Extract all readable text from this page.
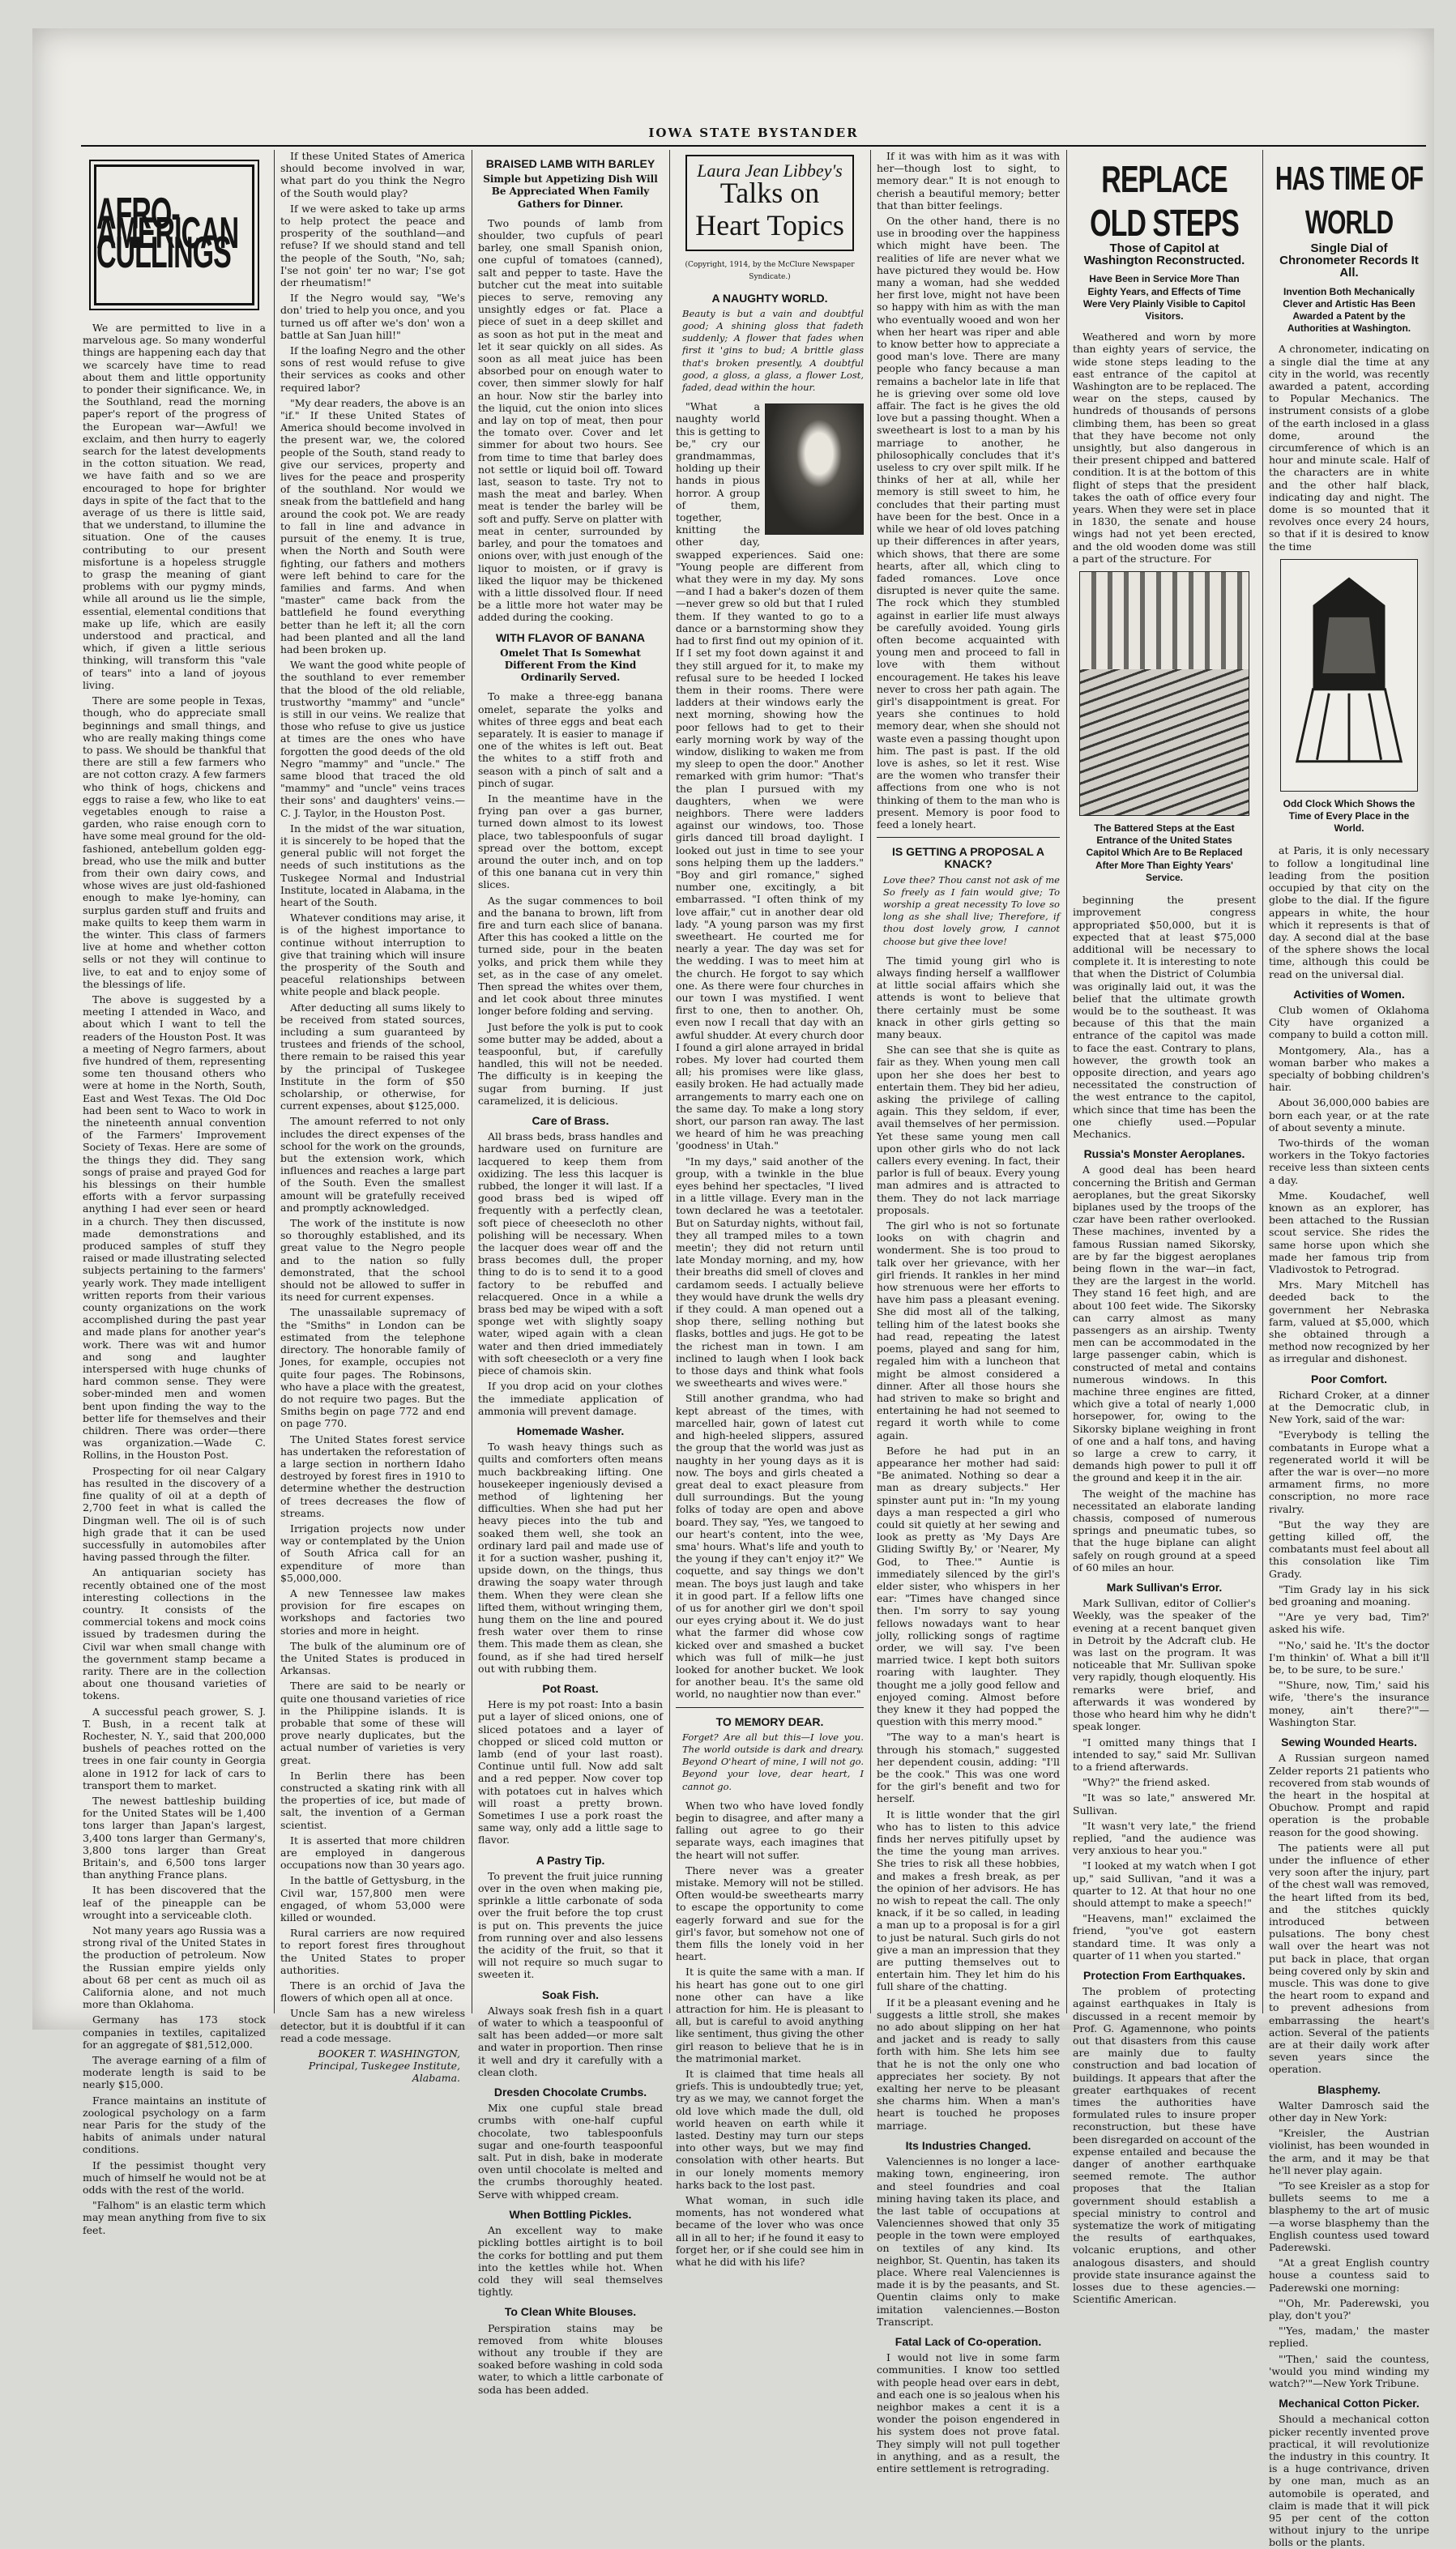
IOWA STATE BYSTANDER
AFRO-AMERICAN CULLINGS

We are permitted to live in a marvelous age. So many wonderful things are happening each day that we scarcely have time to read about them and little opportunity to ponder their significance. We, in the Southland, read the morning paper's report of the progress of the European war—Awful! we exclaim, and then hurry to eagerly search for the latest developments in the cotton situation. We read, we have faith and so we are encouraged to hope for brighter days in spite of the fact that to the average of us there is little said, that we understand, to illumine the situation. One of the causes contributing to our present misfortune is a hopeless struggle to grasp the meaning of giant problems with our pygmy minds, while all around us lie the simple, essential, elemental conditions that make up life, which are easily understood and practical, and which, if given a little serious thinking, will transform this "vale of tears" into a land of joyous living.

There are some people in Texas, though, who do appreciate small beginnings and small things, and who are really making things come to pass. We should be thankful that there are still a few farmers who are not cotton crazy. A few farmers who think of hogs, chickens and eggs to raise a few, who like to eat vegetables enough to raise a garden, who raise enough corn to have some meal ground for the old-fashioned, antebellum golden egg-bread, who use the milk and butter from their own dairy cows, and whose wives are just old-fashioned enough to make lye-hominy, can surplus garden stuff and fruits and make quilts to keep them warm in the winter. This class of farmers live at home and whether cotton sells or not they will continue to live, to eat and to enjoy some of the blessings of life.

The above is suggested by a meeting I attended in Waco, and about which I want to tell the readers of the Houston Post. It was a meeting of Negro farmers, about five hundred of them, representing some ten thousand others who were at home in the North, South, East and West Texas. The Old Doc had been sent to Waco to work in the nineteenth annual convention of the Farmers' Improvement Society of Texas. Here are some of the things they did. They sang songs of praise and prayed God for his blessings on their humble efforts with a fervor surpassing anything I had ever seen or heard in a church. They then discussed, made demonstrations and produced samples of stuff they raised or made illustrating selected subjects pertaining to the farmers' yearly work. They made intelligent written reports from their various county organizations on the work accomplished during the past year and made plans for another year's work. There was wit and humor and song and laughter interspersed with huge chunks of hard common sense. They were sober-minded men and women bent upon finding the way to the better life for themselves and their children. There was order—there was organization.—Wade C. Rollins, in the Houston Post.

Prospecting for oil near Calgary has resulted in the discovery of a fine quality of oil at a depth of 2,700 feet in what is called the Dingman well. The oil is of such high grade that it can be used successfully in automobiles after having passed through the filter.

An antiquarian society has recently obtained one of the most interesting collections in the country. It consists of the commercial tokens and mock coins issued by tradesmen during the Civil war when small change with the government stamp became a rarity. There are in the collection about one thousand varieties of tokens.

A successful peach grower, S. J. T. Bush, in a recent talk at Rochester, N. Y., said that 200,000 bushels of peaches rotted on the trees in one fair county in Georgia alone in 1912 for lack of cars to transport them to market.

The newest battleship building for the United States will be 1,400 tons larger than Japan's largest, 3,400 tons larger than Germany's, 3,800 tons larger than Great Britain's, and 6,500 tons larger than anything France plans.

It has been discovered that the leaf of the pineapple can be wrought into a serviceable cloth.

Not many years ago Russia was a strong rival of the United States in the production of petroleum. Now the Russian empire yields only about 68 per cent as much oil as California alone, and not much more than Oklahoma.

Germany has 173 stock companies in textiles, capitalized for an aggregate of $81,512,000.

The average earning of a film of moderate length is said to be nearly $15,000.

France maintains an institute of zoological psychology on a farm near Paris for the study of the habits of animals under natural conditions.

If the pessimist thought very much of himself he would not be at odds with the rest of the world.

"Falhom" is an elastic term which may mean anything from five to six feet.

If these United States of America should become involved in war, what part do you think the Negro of the South would play?

If we were asked to take up arms to help protect the peace and prosperity of the southland—and refuse? If we should stand and tell the people of the South, "No, sah; I'se not goin' ter no war; I'se got der rheumatism!"

If the Negro would say, "We's don' tried to help you once, and you turned us off after we's don' won a battle at San Juan hill!"

If the loafing Negro and the other sons of rest would refuse to give their services as cooks and other required labor?

"My dear readers, the above is an "if." If these United States of America should become involved in the present war, we, the colored people of the South, stand ready to give our services, property and lives for the peace and prosperity of the southland. Nor would we sneak from the battlefield and hang around the cook pot. We are ready to fall in line and advance in pursuit of the enemy. It is true, when the North and South were fighting, our fathers and mothers were left behind to care for the families and farms. And when "master" came back from the battlefield he found everything better than he left it; all the corn had been planted and all the land had been broken up.

We want the good white people of the southland to ever remember that the blood of the old reliable, trustworthy "mammy" and "uncle" is still in our veins. We realize that those who refuse to give us justice at times are the ones who have forgotten the good deeds of the old Negro "mammy" and "uncle." The same blood that traced the old "mammy" and "uncle" veins traces their sons' and daughters' veins.—C. J. Taylor, in the Houston Post.

In the midst of the war situation, it is sincerely to be hoped that the general public will not forget the needs of such institutions as the Tuskegee Normal and Industrial Institute, located in Alabama, in the heart of the South.

Whatever conditions may arise, it is of the highest importance to continue without interruption to give that training which will insure the prosperity of the South and peaceful relationships between white people and black people.

After deducting all sums likely to be received from stated sources, including a sum guaranteed by trustees and friends of the school, there remain to be raised this year by the principal of Tuskegee Institute in the form of $50 scholarship, or otherwise, for current expenses, about $125,000.

The amount referred to not only includes the direct expenses of the school for the work on the grounds, but the extension work, which influences and reaches a large part of the South. Even the smallest amount will be gratefully received and promptly acknowledged.

The work of the institute is now so thoroughly established, and its great value to the Negro people and to the nation so fully demonstrated, that the school should not be allowed to suffer in its need for current expenses.

The unassailable supremacy of the "Smiths" in London can be estimated from the telephone directory. The honorable family of Jones, for example, occupies not quite four pages. The Robinsons, who have a place with the greatest, do not require two pages. But the Smiths begin on page 772 and end on page 770.

The United States forest service has undertaken the reforestation of a large section in northern Idaho destroyed by forest fires in 1910 to determine whether the destruction of trees decreases the flow of streams.

Irrigation projects now under way or contemplated by the Union of South Africa call for an expenditure of more than $5,000,000.

A new Tennessee law makes provision for fire escapes on workshops and factories two stories and more in height.

The bulk of the aluminum ore of the United States is produced in Arkansas.

There are said to be nearly or quite one thousand varieties of rice in the Philippine islands. It is probable that some of these will prove nearly duplicates, but the actual number of varieties is very great.

In Berlin there has been constructed a skating rink with all the properties of ice, but made of salt, the invention of a German scientist.

It is asserted that more children are employed in dangerous occupations now than 30 years ago.

In the battle of Gettysburg, in the Civil war, 157,800 men were engaged, of whom 53,000 were killed or wounded.

Rural carriers are now required to report forest fires throughout the United States to proper authorities.

There is an orchid of Java the flowers of which open all at once.

Uncle Sam has a new wireless detector, but it is doubtful if it can read a code message.

BOOKER T. WASHINGTON, Principal, Tuskegee Institute, Alabama.
BRAISED LAMB WITH BARLEY
Simple but Appetizing Dish Will Be Appreciated When Family Gathers for Dinner.

Two pounds of lamb from shoulder, two cupfuls of pearl barley, one small Spanish onion, one cupful of tomatoes (canned), salt and pepper to taste. Have the butcher cut the meat into suitable pieces to serve, removing any unsightly edges or fat. Place a piece of suet in a deep skillet and as soon as hot put in the meat and let it sear quickly on all sides. As soon as all meat juice has been absorbed pour on enough water to cover, then simmer slowly for half an hour. Now stir the barley into the liquid, cut the onion into slices and lay on top of meat, then pour the tomato over. Cover and let simmer for about two hours. See from time to time that barley does not settle or liquid boil off. Toward last, season to taste. Try not to mash the meat and barley. When meat is tender the barley will be soft and puffy. Serve on platter with meat in center, surrounded by barley, and pour the tomatoes and onions over, with just enough of the liquor to moisten, or if gravy is liked the liquor may be thickened with a little dissolved flour. If need be a little more hot water may be added during the cooking.

WITH FLAVOR OF BANANA
Omelet That Is Somewhat Different From the Kind Ordinarily Served.

To make a three-egg banana omelet, separate the yolks and whites of three eggs and beat each separately. It is easier to manage if one of the whites is left out. Beat the whites to a stiff froth and season with a pinch of salt and a pinch of sugar.

In the meantime have in the frying pan over a gas burner, turned down almost to its lowest place, two tablespoonfuls of sugar spread over the bottom, except around the outer inch, and on top of this one banana cut in very thin slices.

As the sugar commences to boil and the banana to brown, lift from fire and turn each slice of banana. After this has cooked a little on the turned side, pour in the beaten yolks, and prick them while they set, as in the case of any omelet. Then spread the whites over them, and let cook about three minutes longer before folding and serving.

Just before the yolk is put to cook some butter may be added, about a teaspoonful, but, if carefully handled, this will not be needed. The difficulty is in keeping the sugar from burning. If just caramelized, it is delicious.

Care of Brass.

All brass beds, brass handles and hardware used on furniture are lacquered to keep them from oxidizing. The less this lacquer is rubbed, the longer it will last. If a good brass bed is wiped off frequently with a perfectly clean, soft piece of cheesecloth no other polishing will be necessary. When the lacquer does wear off and the brass becomes dull, the proper thing to do is to send it to a good factory to be rebuffed and relacquered. Once in a while a brass bed may be wiped with a soft sponge wet with slightly soapy water, wiped again with a clean water and then dried immediately with soft cheesecloth or a very fine piece of chamois skin.

If you drop acid on your clothes the immediate application of ammonia will prevent damage.

Homemade Washer.

To wash heavy things such as quilts and comforters often means much backbreaking lifting. One housekeeper ingeniously devised a method of lightening her difficulties. When she had put her heavy pieces into the tub and soaked them well, she took an ordinary lard pail and made use of it for a suction washer, pushing it, upside down, on the things, thus drawing the soapy water through them. When they were clean she lifted them, without wringing them, hung them on the line and poured fresh water over them to rinse them. This made them as clean, she found, as if she had tired herself out with rubbing them.

Pot Roast.

Here is my pot roast: Into a basin put a layer of sliced onions, one of sliced potatoes and a layer of chopped or sliced cold mutton or lamb (end of your last roast). Continue until full. Now add salt and a red pepper. Now cover top with potatoes cut in halves which will roast a pretty brown. Sometimes I use a pork roast the same way, only add a little sage to flavor.

A Pastry Tip.

To prevent the fruit juice running over in the oven when making pie, sprinkle a little carbonate of soda over the fruit before the top crust is put on. This prevents the juice from running over and also lessens the acidity of the fruit, so that it will not require so much sugar to sweeten it.

Soak Fish.

Always soak fresh fish in a quart of water to which a teaspoonful of salt has been added—or more salt and water in proportion. Then rinse it well and dry it carefully with a clean cloth.

Dresden Chocolate Crumbs.

Mix one cupful stale bread crumbs with one-half cupful chocolate, two tablespoonfuls sugar and one-fourth teaspoonful salt. Put in dish, bake in moderate oven until chocolate is melted and the crumbs thoroughly heated. Serve with whipped cream.

When Bottling Pickles.

An excellent way to make pickling bottles airtight is to boil the corks for bottling and put them into the kettles while hot. When cold they will seal themselves tightly.

To Clean White Blouses.

Perspiration stains may be removed from white blouses without any trouble if they are soaked before washing in cold soda water, to which a little carbonate of soda has been added.

Laura Jean Libbey's
Talks on
Heart Topics
(Copyright, 1914, by the McClure Newspaper Syndicate.)
A NAUGHTY WORLD.

Beauty is but a vain and doubtful good; A shining gloss that fadeth suddenly; A flower that fades when first it 'gins to bud; A brittle glass that's broken presently, A doubtful good, a gloss, a glass, a flower Lost, faded, dead within the hour.

"What a naughty world this is getting to be," cry our grandmammas, holding up their hands in pious horror. A group of them, together, knitting the other day, swapped experiences. Said one: "Young people are different from what they were in my day. My sons—and I had a baker's dozen of them—never grew so old but that I ruled them. If they wanted to go to a dance or a barnstorming show they had to first find out my opinion of it. If I set my foot down against it and they still argued for it, to make my refusal sure to be heeded I locked them in their rooms. There were ladders at their windows early the next morning, showing how the poor fellows had to get to their early morning work by way of the window, disliking to waken me from my sleep to open the door." Another remarked with grim humor: "That's the plan I pursued with my daughters, when we were neighbors. There were ladders against our windows, too. Those girls danced till broad daylight. I looked out just in time to see your sons helping them up the ladders." "Boy and girl romance," sighed number one, excitingly, a bit embarrassed. "I often think of my love affair," cut in another dear old lady. "A young parson was my first sweetheart. He courted me for nearly a year. The day was set for the wedding. I was to meet him at the church. He forgot to say which one. As there were four churches in our town I was mystified. I went first to one, then to another. Oh, even now I recall that day with an awful shudder. At every church door I found a girl alone arrayed in bridal robes. My lover had courted them all; his promises were like glass, easily broken. He had actually made arrangements to marry each one on the same day. To make a long story short, our parson ran away. The last we heard of him he was preaching 'goodness' in Utah."

"In my days," said another of the group, with a twinkle in the blue eyes behind her spectacles, "I lived in a little village. Every man in the town declared he was a teetotaler. But on Saturday nights, without fail, they all tramped miles to a town meetin'; they did not return until late Monday morning, and my, how their breaths did smell of cloves and cardamom seeds. I actually believe they would have drunk the wells dry if they could. A man opened out a shop there, selling nothing but flasks, bottles and jugs. He got to be the richest man in town. I am inclined to laugh when I look back to those days and think what fools we sweethearts and wives were."

Still another grandma, who had kept abreast of the times, with marcelled hair, gown of latest cut and high-heeled slippers, assured the group that the world was just as naughty in her young days as it is now. The boys and girls cheated a great deal to exact pleasure from dull surroundings. But the young folks of today are open and above board. They say, "Yes, we tangoed to our heart's content, into the wee, sma' hours. What's life and youth to the young if they can't enjoy it?" We coquette, and say things we don't mean. The boys just laugh and take it in good part. If a fellow lifts one of us for another girl we don't spoil our eyes crying about it. We do just what the farmer did whose cow kicked over and smashed a bucket which was full of milk—he just looked for another bucket. We look for another beau. It's the same old world, no naughtier now than ever."

TO MEMORY DEAR.

Forget? Are all but this—I love you. The world outside is dark and dreary. Beyond O'heart of mine, I will not go. Beyond your love, dear heart, I cannot go.

When two who have loved fondly begin to disagree, and after many a falling out agree to go their separate ways, each imagines that the heart will not suffer.

There never was a greater mistake. Memory will not be stilled. Often would-be sweethearts marry to escape the opportunity to come eagerly forward and sue for the girl's favor, but somehow not one of them fills the lonely void in her heart.

It is quite the same with a man. If his heart has gone out to one girl none other can have a like attraction for him. He is pleasant to all, but is careful to avoid anything like sentiment, thus giving the other girl reason to believe that he is in the matrimonial market.

It is claimed that time heals all griefs. This is undoubtedly true; yet, try as we may, we cannot forget the old love which made the dull, old world heaven on earth while it lasted. Destiny may turn our steps into other ways, but we may find consolation with other hearts. But in our lonely moments memory harks back to the lost past.

What woman, in such idle moments, has not wondered what became of the lover who was once all in all to her; if he found it easy to forget her, or if she could see him in what he did with his life?

If it was with him as it was with her—though lost to sight, to memory dear." It is not enough to cherish a beautiful memory; better that than bitter feelings.

On the other hand, there is no use in brooding over the happiness which might have been. The realities of life are never what we have pictured they would be. How many a woman, had she wedded her first love, might not have been so happy with him as with the man who eventually wooed and won her when her heart was riper and able to know better how to appreciate a good man's love. There are many people who fancy because a man remains a bachelor late in life that he is grieving over some old love affair. The fact is he gives the old love but a passing thought. When a sweetheart is lost to a man by his marriage to another, he philosophically concludes that it's useless to cry over spilt milk. If he thinks of her at all, while her memory is still sweet to him, he concludes that their parting must have been for the best. Once in a while we hear of old loves patching up their differences in after years, which shows, that there are some hearts, after all, which cling to faded romances. Love once disrupted is never quite the same. The rock which they stumbled against in earlier life must always be carefully avoided. Young girls often become acquainted with young men and proceed to fall in love with them without encouragement. He takes his leave never to cross her path again. The girl's disappointment is great. For years she continues to hold memory dear, when she should not waste even a passing thought upon him. The past is past. If the old love is ashes, so let it rest. Wise are the women who transfer their affections from one who is not thinking of them to the man who is present. Memory is poor food to feed a lonely heart.

IS GETTING A PROPOSAL A KNACK?

Love thee? Thou canst not ask of me So freely as I fain would give; To worship a great necessity To love so long as she shall live; Therefore, if thou dost lovely grow, I cannot choose but give thee love!

The timid young girl who is always finding herself a wallflower at little social affairs which she attends is wont to believe that there certainly must be some knack in other girls getting so many beaux.

She can see that she is quite as fair as they. When young men call upon her she does her best to entertain them. They bid her adieu, asking the privilege of calling again. This they seldom, if ever, avail themselves of her permission. Yet these same young men call upon other girls who do not lack callers every evening. In fact, their parlor is full of beaux. Every young man admires and is attracted to them. They do not lack marriage proposals.

The girl who is not so fortunate looks on with chagrin and wonderment. She is too proud to talk over her grievance, with her girl friends. It rankles in her mind how strenuous were her efforts to have him pass a pleasant evening. She did most all of the talking, telling him of the latest books she had read, repeating the latest poems, played and sang for him, regaled him with a luncheon that might be almost considered a dinner. After all those hours she had striven to make so bright and entertaining he had not seemed to regard it worth while to come again.

Before he had put in an appearance her mother had said: "Be animated. Nothing so dear a man as dreary subjects." Her spinster aunt put in: "In my young days a man respected a girl who could sit quietly at her sewing and look as pretty as 'My Days Are Gliding Swiftly By,' or 'Nearer, My God, to Thee.'" Auntie is immediately silenced by the girl's elder sister, who whispers in her ear: "Times have changed since then. I'm sorry to say young fellows nowadays want to hear jolly, rollicking songs of ragtime order, we will say. I've been married twice. I kept both suitors roaring with laughter. They thought me a jolly good fellow and enjoyed coming. Almost before they knew it they had popped the question with this merry mood."

"The way to a man's heart is through his stomach," suggested her dependent cousin, adding: "I'll be the cook." This was one word for the girl's benefit and two for herself.

It is little wonder that the girl who has to listen to this advice finds her nerves pitifully upset by the time the young man arrives. She tries to risk all these hobbies, and makes a fresh break, as per the opinion of her advisors. He has no wish to repeat the call. The only knack, if it be so called, in leading a man up to a proposal is for a girl to just be natural. Such girls do not give a man an impression that they are putting themselves out to entertain him. They let him do his full share of the chatting.

If it be a pleasant evening and he suggests a little stroll, she makes no ado about slipping on her hat and jacket and is ready to sally forth with him. She lets him see that he is not the only one who appreciates her society. By not exalting her nerve to be pleasant she charms him. When a man's heart is touched he proposes marriage.

Its Industries Changed.

Valenciennes is no longer a lace-making town, engineering, iron and steel foundries and coal mining having taken its place, and the last table of occupations at Valenciennes showed that only 35 people in the town were employed on textiles of any kind. Its neighbor, St. Quentin, has taken its place. Where real Valenciennes is made it is by the peasants, and St. Quentin claims only to make imitation valenciennes.—Boston Transcript.

Fatal Lack of Co-operation.

I would not live in some farm communities. I know too settled with people head over ears in debt, and each one is so jealous when his neighbor makes a cent it is a wonder the poison engendered in his system does not prove fatal. They simply will not pull together in anything, and as a result, the entire settlement is retrograding.

REPLACE OLD STEPS
Those of Capitol at Washington Reconstructed.
Have Been in Service More Than Eighty Years, and Effects of Time Were Very Plainly Visible to Capitol Visitors.

Weathered and worn by more than eighty years of service, the wide stone steps leading to the east entrance of the capitol at Washington are to be replaced. The wear on the steps, caused by hundreds of thousands of persons climbing them, has been so great that they have become not only unsightly, but also dangerous in their present chipped and battered condition. It is at the bottom of this flight of steps that the president takes the oath of office every four years. When they were set in place in 1830, the senate and house wings had not yet been erected, and the old wooden dome was still a part of the structure. For

The Battered Steps at the East Entrance of the United States Capitol Which Are to Be Replaced After More Than Eighty Years' Service.

beginning the present improvement congress appropriated $50,000, but it is expected that at least $75,000 additional will be necessary to complete it. It is interesting to note that when the District of Columbia was originally laid out, it was the belief that the ultimate growth would be to the southeast. It was because of this that the main entrance of the capitol was made to face the east. Contrary to plans, however, the growth took an opposite direction, and years ago necessitated the construction of the west entrance to the capitol, which since that time has been the one chiefly used.—Popular Mechanics.

Russia's Monster Aeroplanes.

A good deal has been heard concerning the British and German aeroplanes, but the great Sikorsky biplanes used by the troops of the czar have been rather overlooked. These machines, invented by a famous Russian named Sikorsky, are by far the biggest aeroplanes being flown in the war—in fact, they are the largest in the world. They stand 16 feet high, and are about 100 feet wide. The Sikorsky can carry almost as many passengers as an airship. Twenty men can be accommodated in the large passenger cabin, which is constructed of metal and contains numerous windows. In this machine three engines are fitted, which give a total of nearly 1,000 horsepower, for, owing to the Sikorsky biplane weighing in front of one and a half tons, and having so large a crew to carry, it demands high power to pull it off the ground and keep it in the air.

The weight of the machine has necessitated an elaborate landing chassis, composed of numerous springs and pneumatic tubes, so that the huge biplane can alight safely on rough ground at a speed of 60 miles an hour.

Mark Sullivan's Error.

Mark Sullivan, editor of Collier's Weekly, was the speaker of the evening at a recent banquet given in Detroit by the Adcraft club. He was last on the program. It was noticeable that Mr. Sullivan spoke very rapidly, though eloquently. His remarks were brief, and afterwards it was wondered by those who heard him why he didn't speak longer.

"I omitted many things that I intended to say," said Mr. Sullivan to a friend afterwards.

"Why?" the friend asked.

"It was so late," answered Mr. Sullivan.

"It wasn't very late," the friend replied, "and the audience was very anxious to hear you."

"I looked at my watch when I got up," said Sullivan, "and it was a quarter to 12. At that hour no one should attempt to make a speech!"

"Heavens, man!" exclaimed the friend, "you've got eastern standard time. It was only a quarter of 11 when you started."

Protection From Earthquakes.

The problem of protecting against earthquakes in Italy is discussed in a recent memoir by Prof. G. Agamennone, who points out that disasters from this cause are mainly due to faulty construction and bad location of buildings. It appears that after the greater earthquakes of recent times the authorities have formulated rules to insure proper reconstruction, but these have been disregarded on account of the expense entailed and because the danger of another earthquake seemed remote. The author proposes that the Italian government should establish a special ministry to control and systematize the work of mitigating the results of earthquakes, volcanic eruptions, and other analogous disasters, and should provide state insurance against the losses due to these agencies.—Scientific American.

HAS TIME OF WORLD
Single Dial of Chronometer Records It All.
Invention Both Mechanically Clever and Artistic Has Been Awarded a Patent by the Authorities at Washington.

A chronometer, indicating on a single dial the time at any city in the world, was recently awarded a patent, according to Popular Mechanics. The instrument consists of a globe of the earth inclosed in a glass dome, around the circumference of which is an hour and minute scale. Half of the characters are in white and the other half black, indicating day and night. The dome is so mounted that it revolves once every 24 hours, so that if it is desired to know the time

Odd Clock Which Shows the Time of Every Place in the World.

at Paris, it is only necessary to follow a longitudinal line leading from the position occupied by that city on the globe to the dial. If the figure appears in white, the hour which it represents is that of day. A second dial at the base of the sphere shows the local time, although this could be read on the universal dial.

Activities of Women.

Club women of Oklahoma City have organized a company to build a cotton mill.

Montgomery, Ala., has a woman barber who makes a specialty of bobbing children's hair.

About 36,000,000 babies are born each year, or at the rate of about seventy a minute.

Two-thirds of the woman workers in the Tokyo factories receive less than sixteen cents a day.

Mme. Koudachef, well known as an explorer, has been attached to the Russian scout service. She rides the same horse upon which she made her famous trip from Vladivostok to Petrograd.

Mrs. Mary Mitchell has deeded back to the government her Nebraska farm, valued at $5,000, which she obtained through a method now recognized by her as irregular and dishonest.

Poor Comfort.

Richard Croker, at a dinner at the Democratic club, in New York, said of the war:

"Everybody is telling the combatants in Europe what a regenerated world it will be after the war is over—no more armament firms, no more conscription, no more race rivalry.

"But the way they are getting killed off, the combatants must feel about all this consolation like Tim Grady.

"Tim Grady lay in his sick bed groaning and moaning.

"'Are ye very bad, Tim?' asked his wife.

"'No,' said he. 'It's the doctor I'm thinkin' of. What a bill it'll be, to be sure, to be sure.'

"'Shure, now, Tim,' said his wife, 'there's the insurance money, ain't there?'"—Washington Star.

Sewing Wounded Hearts.

A Russian surgeon named Zelder reports 21 patients who recovered from stab wounds of the heart in the hospital at Obuchow. Prompt and rapid operation is the probable reason for the good showing.

The patients were all put under the influence of ether very soon after the injury, part of the chest wall was removed, the heart lifted from its bed, and the stitches quickly introduced between pulsations. The bony chest wall over the heart was not put back in place, that organ being covered only by skin and muscle. This was done to give the heart room to expand and to prevent adhesions from embarrassing the heart's action. Several of the patients are at their daily work after seven years since the operation.

Blasphemy.

Walter Damrosch said the other day in New York:

"Kreisler, the Austrian violinist, has been wounded in the arm, and it may be that he'll never play again.

"To see Kreisler as a stop for bullets seems to me a blasphemy to the art of music—a worse blasphemy than the English countess used toward Paderewski.

"At a great English country house a countess said to Paderewski one morning:

"'Oh, Mr. Paderewski, you play, don't you?'

"'Yes, madam,' the master replied.

"'Then,' said the countess, 'would you mind winding my watch?'"—New York Tribune.

Mechanical Cotton Picker.

Should a mechanical cotton picker recently invented prove practical, it will revolutionize the industry in this country. It is a huge contrivance, driven by one man, much as an automobile is operated, and claim is made that it will pick 95 per cent of the cotton without injury to the unripe bolls or the plants.
